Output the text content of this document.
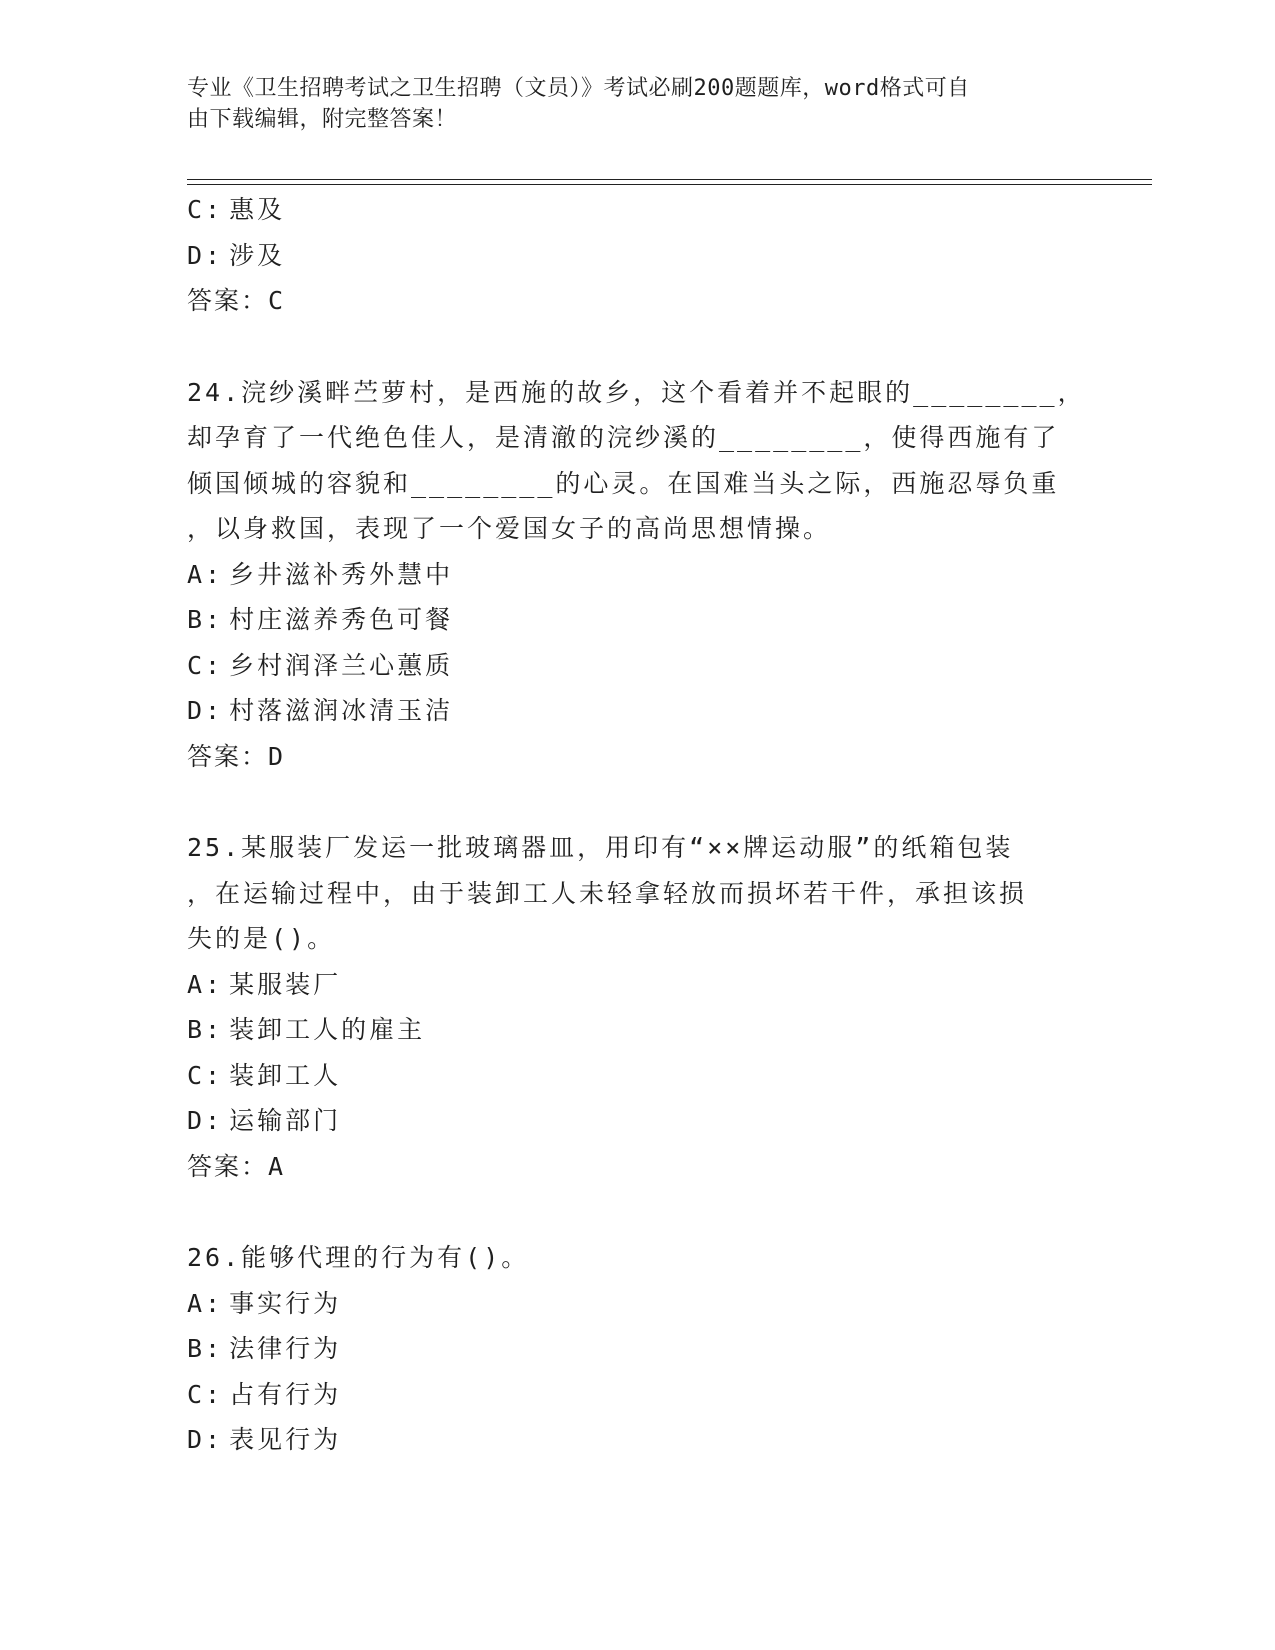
专业《卫生招聘考试之卫生招聘（文员）》考试必刷200题题库，word格式可自
由下载编辑，附完整答案！
C: 惠及
D: 涉及
答案：C
24.浣纱溪畔苎萝村，是西施的故乡，这个看着并不起眼的________，
却孕育了一代绝色佳人，是清澈的浣纱溪的________，使得西施有了
倾国倾城的容貌和________的心灵。在国难当头之际，西施忍辱负重
，以身救国，表现了一个爱国女子的高尚思想情操。
A: 乡井滋补秀外慧中
B: 村庄滋养秀色可餐
C: 乡村润泽兰心蕙质
D: 村落滋润冰清玉洁
答案：D
25.某服装厂发运一批玻璃器皿，用印有“××牌运动服”的纸箱包装
，在运输过程中，由于装卸工人未轻拿轻放而损坏若干件，承担该损
失的是()。
A: 某服装厂
B: 装卸工人的雇主
C: 装卸工人
D: 运输部门
答案：A
26.能够代理的行为有()。
A: 事实行为
B: 法律行为
C: 占有行为
D: 表见行为
